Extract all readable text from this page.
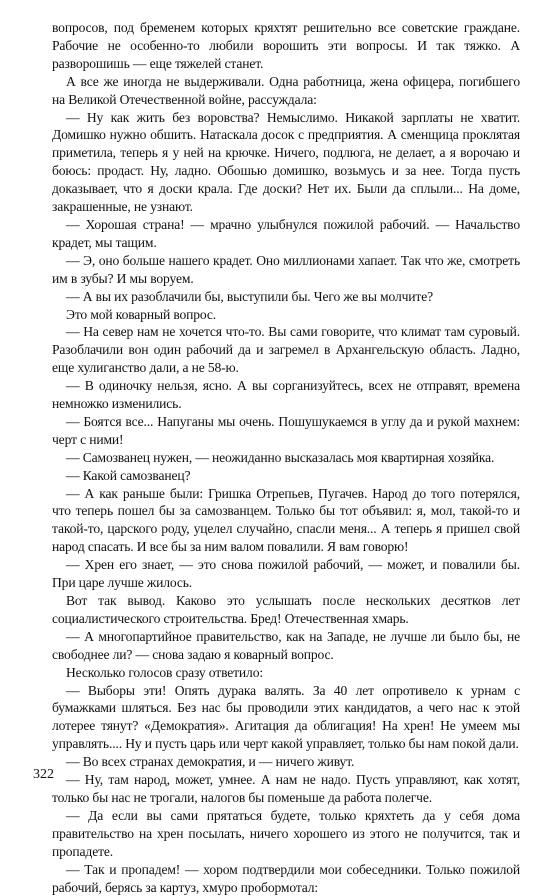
вопросов, под бременем которых кряхтят решительно все советские граждане. Рабочие не особенно-то любили ворошить эти вопросы. И так тяжко. А разворошишь — еще тяжелей станет.

А все же иногда не выдерживали. Одна работница, жена офицера, погибшего на Великой Отечественной войне, рассуждала:

— Ну как жить без воровства? Немыслимо. Никакой зарплаты не хватит. Домишко нужно обшить. Натаскала досок с предприятия. А сменщица проклятая приметила, теперь я у ней на крючке. Ничего, подлюга, не делает, а я ворочаю и боюсь: продаст. Ну, ладно. Обошью домишко, возьмусь и за нее. Тогда пусть доказывает, что я доски крала. Где доски? Нет их. Были да сплыли... На доме, закрашенные, не узнают.

— Хорошая страна! — мрачно улыбнулся пожилой рабочий. — Начальство крадет, мы тащим.

— Э, оно больше нашего крадет. Оно миллионами хапает. Так что же, смотреть им в зубы? И мы воруем.

— А вы их разоблачили бы, выступили бы. Чего же вы молчите?

Это мой коварный вопрос.

— На север нам не хочется что-то. Вы сами говорите, что климат там суровый. Разоблачили вон один рабочий да и загремел в Архангельскую область. Ладно, еще хулиганство дали, а не 58-ю.

— В одиночку нельзя, ясно. А вы сорганизуйтесь, всех не отправят, времена немножко изменились.

— Боятся все... Напуганы мы очень. Пошушукаемся в углу да и рукой махнем: черт с ними!

— Самозванец нужен, — неожиданно высказалась моя квартирная хозяйка.

— Какой самозванец?

— А как раньше были: Гришка Отрепьев, Пугачев. Народ до того потерялся, что теперь пошел бы за самозванцем. Только бы тот объявил: я, мол, такой-то и такой-то, царского роду, уцелел случайно, спасли меня... А теперь я пришел свой народ спасать. И все бы за ним валом повалили. Я вам говорю!

— Хрен его знает, — это снова пожилой рабочий, — может, и повалили бы. При царе лучше жилось.

Вот так вывод. Каково это услышать после нескольких десятков лет социалистического строительства. Бред! Отечественная хмарь.

— А многопартийное правительство, как на Западе, не лучше ли было бы, не свободнее ли? — снова задаю я коварный вопрос.

Несколько голосов сразу ответило:

— Выборы эти! Опять дурака валять. За 40 лет опротивело к урнам с бумажками шляться. Без нас бы проводили этих кандидатов, а чего нас к этой лотерее тянут? «Демократия». Агитация да облигация! На хрен! Не умеем мы управлять.... Ну и пусть царь или черт какой управляет, только бы нам покой дали.

— Во всех странах демократия, и — ничего живут.

— Ну, там народ, может, умнее. А нам не надо. Пусть управляют, как хотят, только бы нас не трогали, налогов бы поменьше да работа полегче.

— Да если вы сами прятаться будете, только кряхтеть да у себя дома правительство на хрен посылать, ничего хорошего из этого не получится, так и пропадете.

— Так и пропадем! — хором подтвердили мои собеседники. Только пожилой рабочий, берясь за картуз, хмуро пробормотал:

322
